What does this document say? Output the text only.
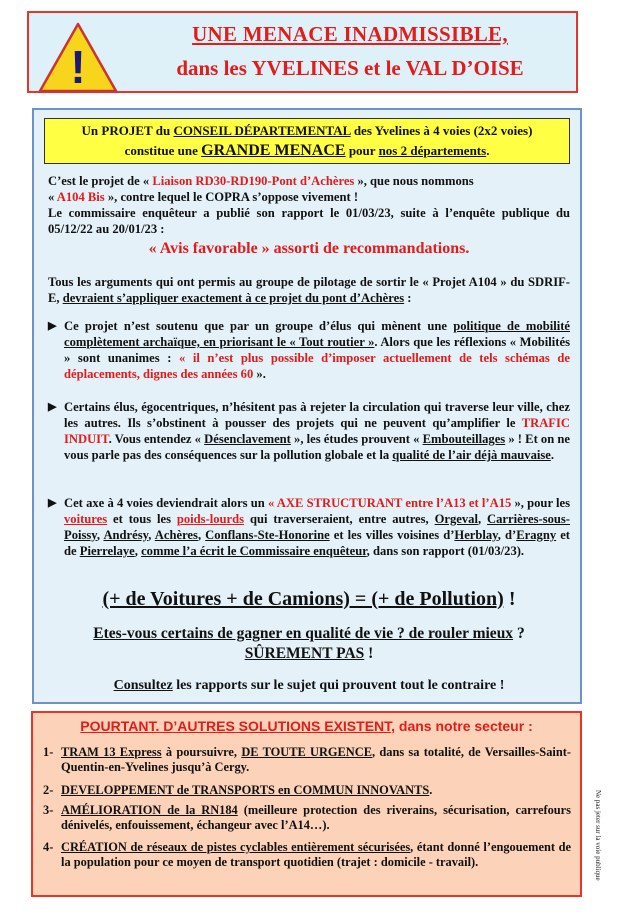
!
UNE MENACE INADMISSIBLE,
dans les YVELINES et le VAL D’OISE
Un PROJET du CONSEIL DÉPARTEMENTAL des Yvelines à 4 voies (2x2 voies)
constitue une GRANDE MENACE pour nos 2 départements.
C’est le projet de « Liaison RD30-RD190-Pont d’Achères », que nous nommons
« A104 Bis », contre lequel le COPRA s’oppose vivement !
Le commissaire enquêteur a publié son rapport le 01/03/23, suite à l’enquête publique du 05/12/22 au 20/01/23 :
« Avis favorable » assorti de recommandations.
Tous les arguments qui ont permis au groupe de pilotage de sortir le « Projet A104 » du SDRIF-E, devraient s’appliquer exactement à ce projet du pont d’Achères :
▶ Ce projet n’est soutenu que par un groupe d’élus qui mènent une politique de mobilité complètement archaïque, en priorisant le « Tout routier ». Alors que les réflexions « Mobilités » sont unanimes : « il n’est plus possible d’imposer actuellement de tels schémas de déplacements, dignes des années 60 ».
▶ Certains élus, égocentriques, n’hésitent pas à rejeter la circulation qui traverse leur ville, chez les autres. Ils s’obstinent à pousser des projets qui ne peuvent qu’amplifier le TRAFIC INDUIT. Vous entendez « Désenclavement », les études prouvent « Embouteillages » ! Et on ne vous parle pas des conséquences sur la pollution globale et la qualité de l’air déjà mauvaise.
▶ Cet axe à 4 voies deviendrait alors un « AXE STRUCTURANT entre l’A13 et l’A15 », pour les voitures et tous les poids-lourds qui traverseraient, entre autres, Orgeval, Carrières-sous-Poissy, Andrésy, Achères, Conflans-Ste-Honorine et les villes voisines d’Herblay, d’Eragny et de Pierrelaye, comme l’a écrit le Commissaire enquêteur, dans son rapport (01/03/23).
(+ de Voitures + de Camions) = (+ de Pollution) !
Etes-vous certains de gagner en qualité de vie ? de rouler mieux ?
SÛREMENT PAS !
Consultez les rapports sur le sujet qui prouvent tout le contraire !
POURTANT. D’AUTRES SOLUTIONS EXISTENT, dans notre secteur :
1- TRAM 13 Express à poursuivre, DE TOUTE URGENCE, dans sa totalité, de Versailles-Saint-Quentin-en-Yvelines jusqu’à Cergy.
2- DEVELOPPEMENT de TRANSPORTS en COMMUN INNOVANTS.
3- AMÉLIORATION de la RN184 (meilleure protection des riverains, sécurisation, carrefours dénivelés, enfouissement, échangeur avec l’A14…).
4- CRÉATION de réseaux de pistes cyclables entièrement sécurisées, étant donné l’engouement de la population pour ce moyen de transport quotidien (trajet : domicile - travail).	Ne pas jeter sur la voie publique
